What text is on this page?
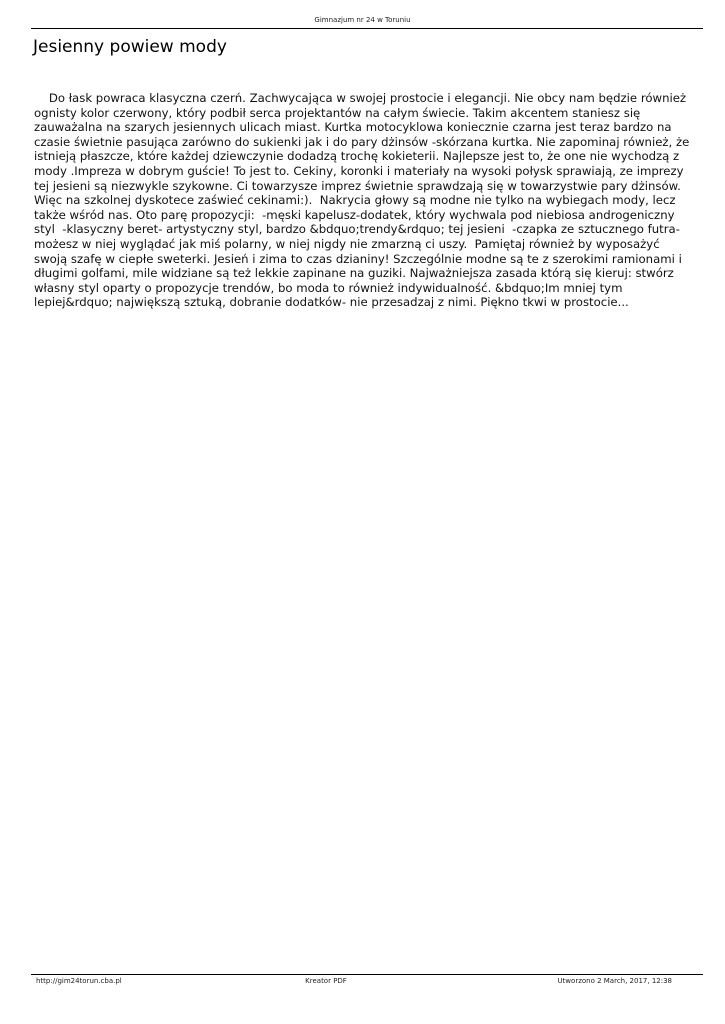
Gimnazjum nr 24 w Toruniu
Jesienny powiew mody

Do łask powraca klasyczna czerń. Zachwycająca w swojej prostocie i elegancji. Nie obcy nam będzie również ognisty kolor czerwony, który podbił serca projektantów na całym świecie. Takim akcentem staniesz się zauważalna na szarych jesiennych ulicach miast. Kurtka motocyklowa koniecznie czarna jest teraz bardzo na czasie świetnie pasująca zarówno do sukienki jak i do pary dżinsów -skórzana kurtka. Nie zapominaj również, że istnieją płaszcze, które każdej dziewczynie dodadzą trochę kokieterii. Najlepsze jest to, że one nie wychodzą z mody .Impreza w dobrym guście! To jest to. Cekiny, koronki i materiały na wysoki połysk sprawiają, ze imprezy tej jesieni są niezwykle szykowne. Ci towarzysze imprez świetnie sprawdzają się w towarzystwie pary dżinsów. Więc na szkolnej dyskotece zaświeć cekinami:).  Nakrycia głowy są modne nie tylko na wybiegach mody, lecz także wśród nas. Oto parę propozycji:  -męski kapelusz-dodatek, który wychwala pod niebiosa androgeniczny  styl  -klasyczny beret- artystyczny styl, bardzo &bdquo;trendy&rdquo; tej jesieni  -czapka ze sztucznego futra- możesz w niej wyglądać jak miś polarny, w niej nigdy nie zmarzną ci uszy.  Pamiętaj również by wyposażyć swoją szafę w ciepłe sweterki. Jesień i zima to czas dzianiny! Szczególnie modne są te z szerokimi ramionami i długimi golfami, mile widziane są też lekkie zapinane na guziki. Najważniejsza zasada którą się kieruj: stwórz własny styl oparty o propozycje trendów, bo moda to również indywidualność. &bdquo;Im mniej tym lepiej&rdquo; największą sztuką, dobranie dodatków- nie przesadzaj z nimi. Piękno tkwi w prostocie...

http://gim24torun.cba.pl	Kreator PDF	Utworzono 2 March, 2017, 12:38
